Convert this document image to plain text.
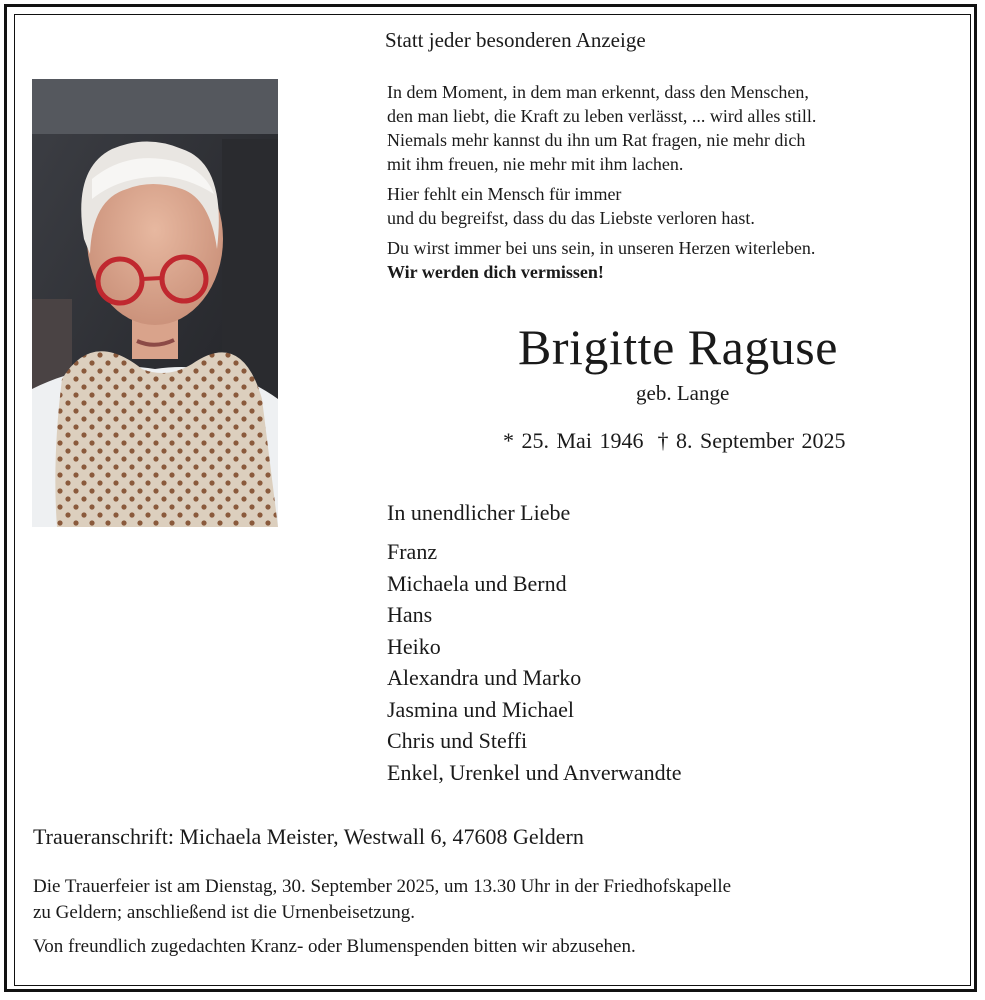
Statt jeder besonderen Anzeige

In dem Moment, in dem man erkennt, dass den Menschen,
den man liebt, die Kraft zu leben verlässt, ... wird alles still.
Niemals mehr kannst du ihn um Rat fragen, nie mehr dich
mit ihm freuen, nie mehr mit ihm lachen.

Hier fehlt ein Mensch für immer
und du begreifst, dass du das Liebste verloren hast.

Du wirst immer bei uns sein, in unseren Herzen witerleben.
Wir werden dich vermissen!

Brigitte Raguse
geb. Lange
* 25. Mai 1946 † 8. September 2025
In unendlicher Liebe
Franz
Michaela und Bernd
Hans
Heiko
Alexandra und Marko
Jasmina und Michael
Chris und Steffi
Enkel, Urenkel und Anverwandte
Traueranschrift: Michaela Meister, Westwall 6, 47608 Geldern
Die Trauerfeier ist am Dienstag, 30. September 2025, um 13.30 Uhr in der Friedhofskapelle
zu Geldern; anschließend ist die Urnenbeisetzung.
Von freundlich zugedachten Kranz- oder Blumenspenden bitten wir abzusehen.
